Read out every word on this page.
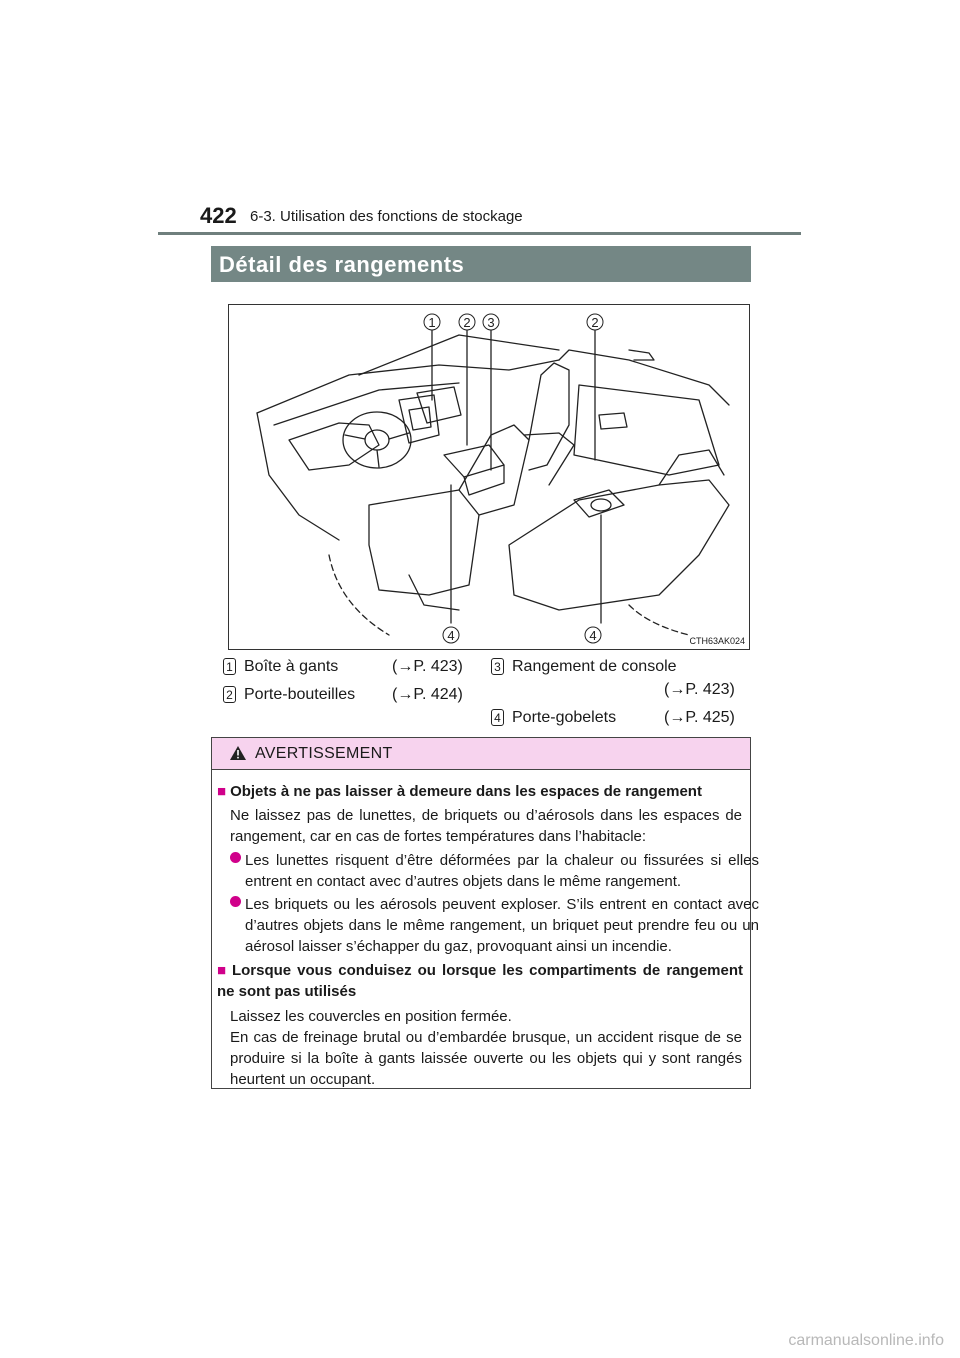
422 6-3. Utilisation des fonctions de stockage
Détail des rangements
1 2 3	2
4	4	CTH63AK024
1 Boîte à gants	(→P. 423)
2 Porte-bouteilles (→P. 424)
3 Rangement de console
(→P. 423)
4 Porte-gobelets	(→P. 425)
AVERTISSEMENT
■ Objets à ne pas laisser à demeure dans les espaces de rangement
Ne laissez pas de lunettes, de briquets ou d’aérosols dans les espaces de rangement, car en cas de fortes températures dans l’habitacle:
Les lunettes risquent d’être déformées par la chaleur ou fissurées si elles entrent en contact avec d’autres objets dans le même rangement.
Les briquets ou les aérosols peuvent exploser. S’ils entrent en contact avec d’autres objets dans le même rangement, un briquet peut prendre feu ou un aérosol laisser s’échapper du gaz, provoquant ainsi un incendie.
■ Lorsque vous conduisez ou lorsque les compartiments de rangement ne sont pas utilisés
Laissez les couvercles en position fermée.
En cas de freinage brutal ou d’embardée brusque, un accident risque de se produire si la boîte à gants laissée ouverte ou les objets qui y sont rangés heurtent un occupant.
carmanualsonline.info
